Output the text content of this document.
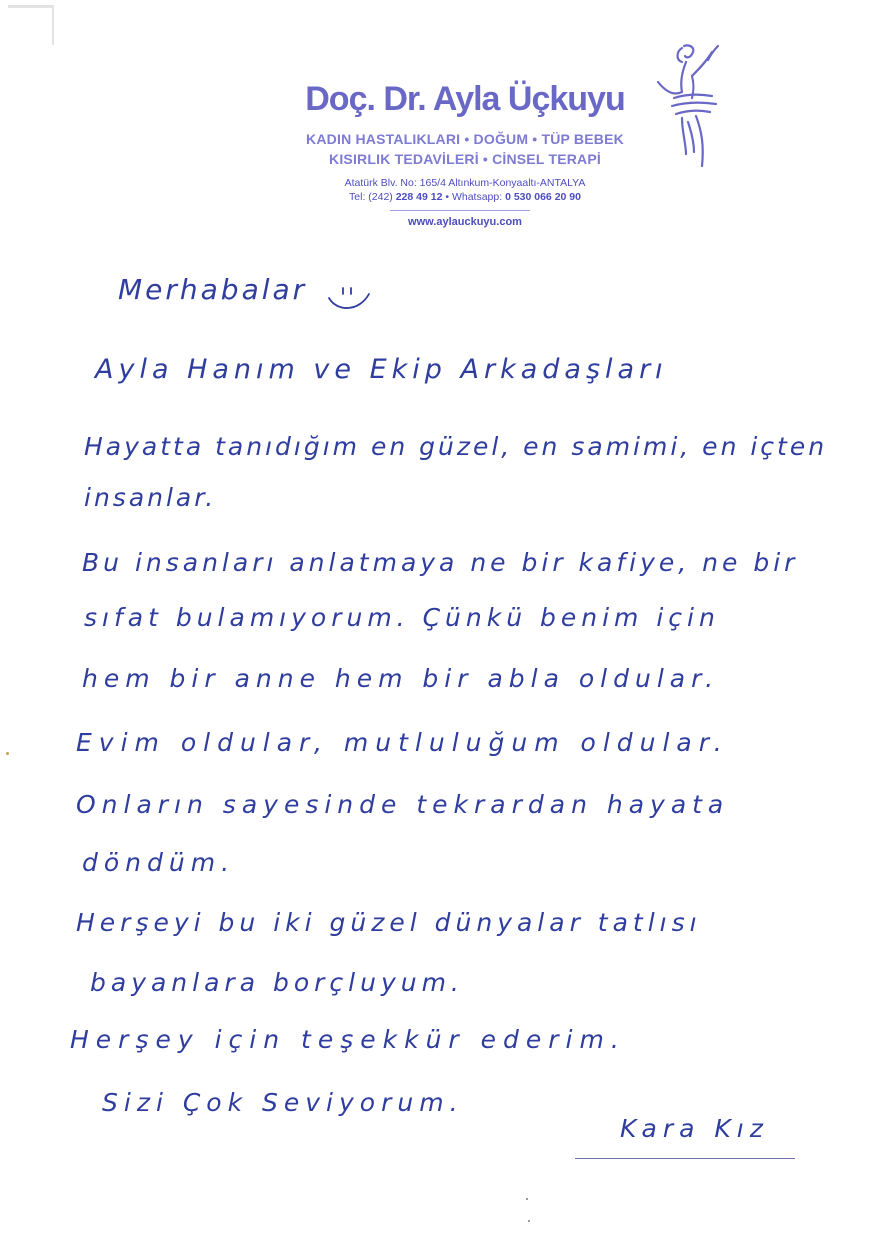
Doç. Dr. Ayla Üçkuyu
KADIN HASTALIKLARI • DOĞUM • TÜP BEBEK
KISIRLIK TEDAVİLERİ • CİNSEL TERAPİ
Atatürk Blv. No: 165/4 Altınkum-Konyaaltı-ANTALYA
Tel: (242) 228 49 12 • Whatsapp: 0 530 066 20 90
www.aylauckuyu.com
Merhabalar
Ayla Hanım ve Ekip Arkadaşları
Hayatta tanıdığım en güzel, en samimi, en içten
insanlar.
Bu insanları anlatmaya ne bir kafiye, ne bir
sıfat bulamıyorum. Çünkü benim için
hem bir anne hem bir abla oldular.
Evim oldular, mutluluğum oldular.
Onların sayesinde tekrardan hayata
döndüm.
Herşeyi bu iki güzel dünyalar tatlısı
bayanlara borçluyum.
Herşey için teşekkür ederim.
Sizi Çok Seviyorum.
Kara Kız
